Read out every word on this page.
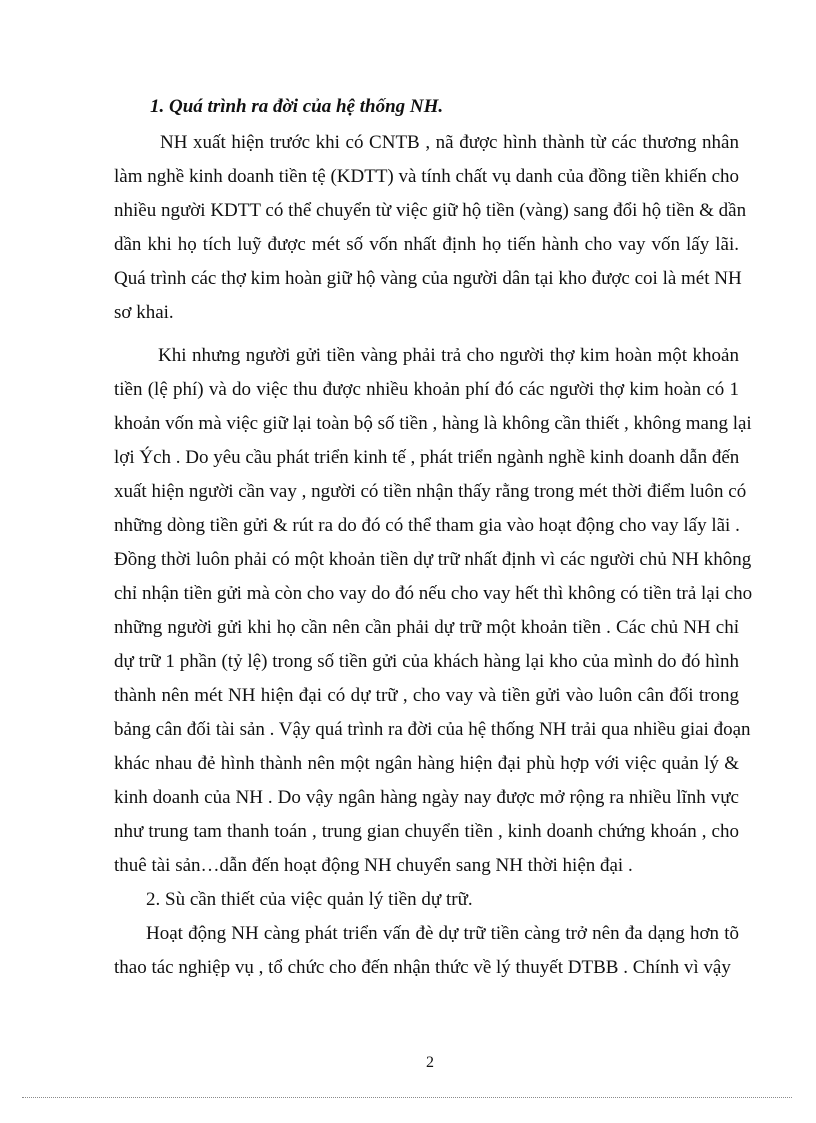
1. Quá trình ra đời của hệ thống NH.
NH xuất hiện trước khi có CNTB , nã được hình thành từ các thương nhân
làm nghề kinh doanh tiền tệ (KDTT) và tính chất vụ danh của đồng tiền khiến cho
nhiều người KDTT có thể chuyển từ việc giữ hộ tiền (vàng) sang đổi hộ tiền & dần
dần khi họ tích luỹ được mét số vốn nhất định họ tiến hành cho vay vốn lấy lãi.
Quá trình các thợ kim hoàn giữ hộ vàng của người dân tại kho được coi là mét NH
sơ khai.
Khi nhưng người gửi tiền vàng phải trả cho người thợ kim hoàn một khoản
tiền (lệ phí) và do việc thu được nhiều khoản phí đó các người thợ kim hoàn có 1
khoản vốn mà việc giữ lại toàn bộ số tiền , hàng là không cần thiết , không mang lại
lợi Ých . Do yêu cầu phát triển kinh tế , phát triển ngành nghề kinh doanh dẫn đến
xuất hiện người cần vay , người có tiền nhận thấy rằng trong mét thời điểm luôn có
những dòng tiền gửi & rút ra do đó có thể tham gia vào hoạt động cho vay lấy lãi .
Đồng thời luôn phải có một khoản tiền dự trữ nhất định vì các người chủ NH không
chỉ nhận tiền gửi mà còn cho vay do đó nếu cho vay hết thì không có tiền trả lại cho
những người gửi khi họ cần nên cần phải dự trữ một khoản tiền . Các chủ NH chỉ
dự trữ 1 phần (tỷ lệ) trong số tiền gửi của khách hàng lại kho của mình do đó hình
thành nên mét NH hiện đại có dự trữ , cho vay và tiền gửi vào luôn cân đối trong
bảng cân đối tài sản . Vậy quá trình ra đời của hệ thống NH trải qua nhiều giai đoạn
khác nhau đẻ hình thành nên một ngân hàng hiện đại phù hợp với việc quản lý &
kinh doanh của NH . Do vậy ngân hàng ngày nay được mở rộng ra nhiều lĩnh vực
như trung tam thanh toán , trung gian chuyển tiền , kinh doanh chứng khoán , cho
thuê tài sản…dẫn đến hoạt động NH chuyển sang NH thời hiện đại .
2. Sù cần thiết của việc quản lý tiền dự trữ.
Hoạt động NH càng phát triển vấn đè dự trữ tiền càng trở nên đa dạng hơn tõ
thao tác nghiệp vụ , tổ chức cho đến nhận thức về lý thuyết DTBB . Chính vì vậy
2
